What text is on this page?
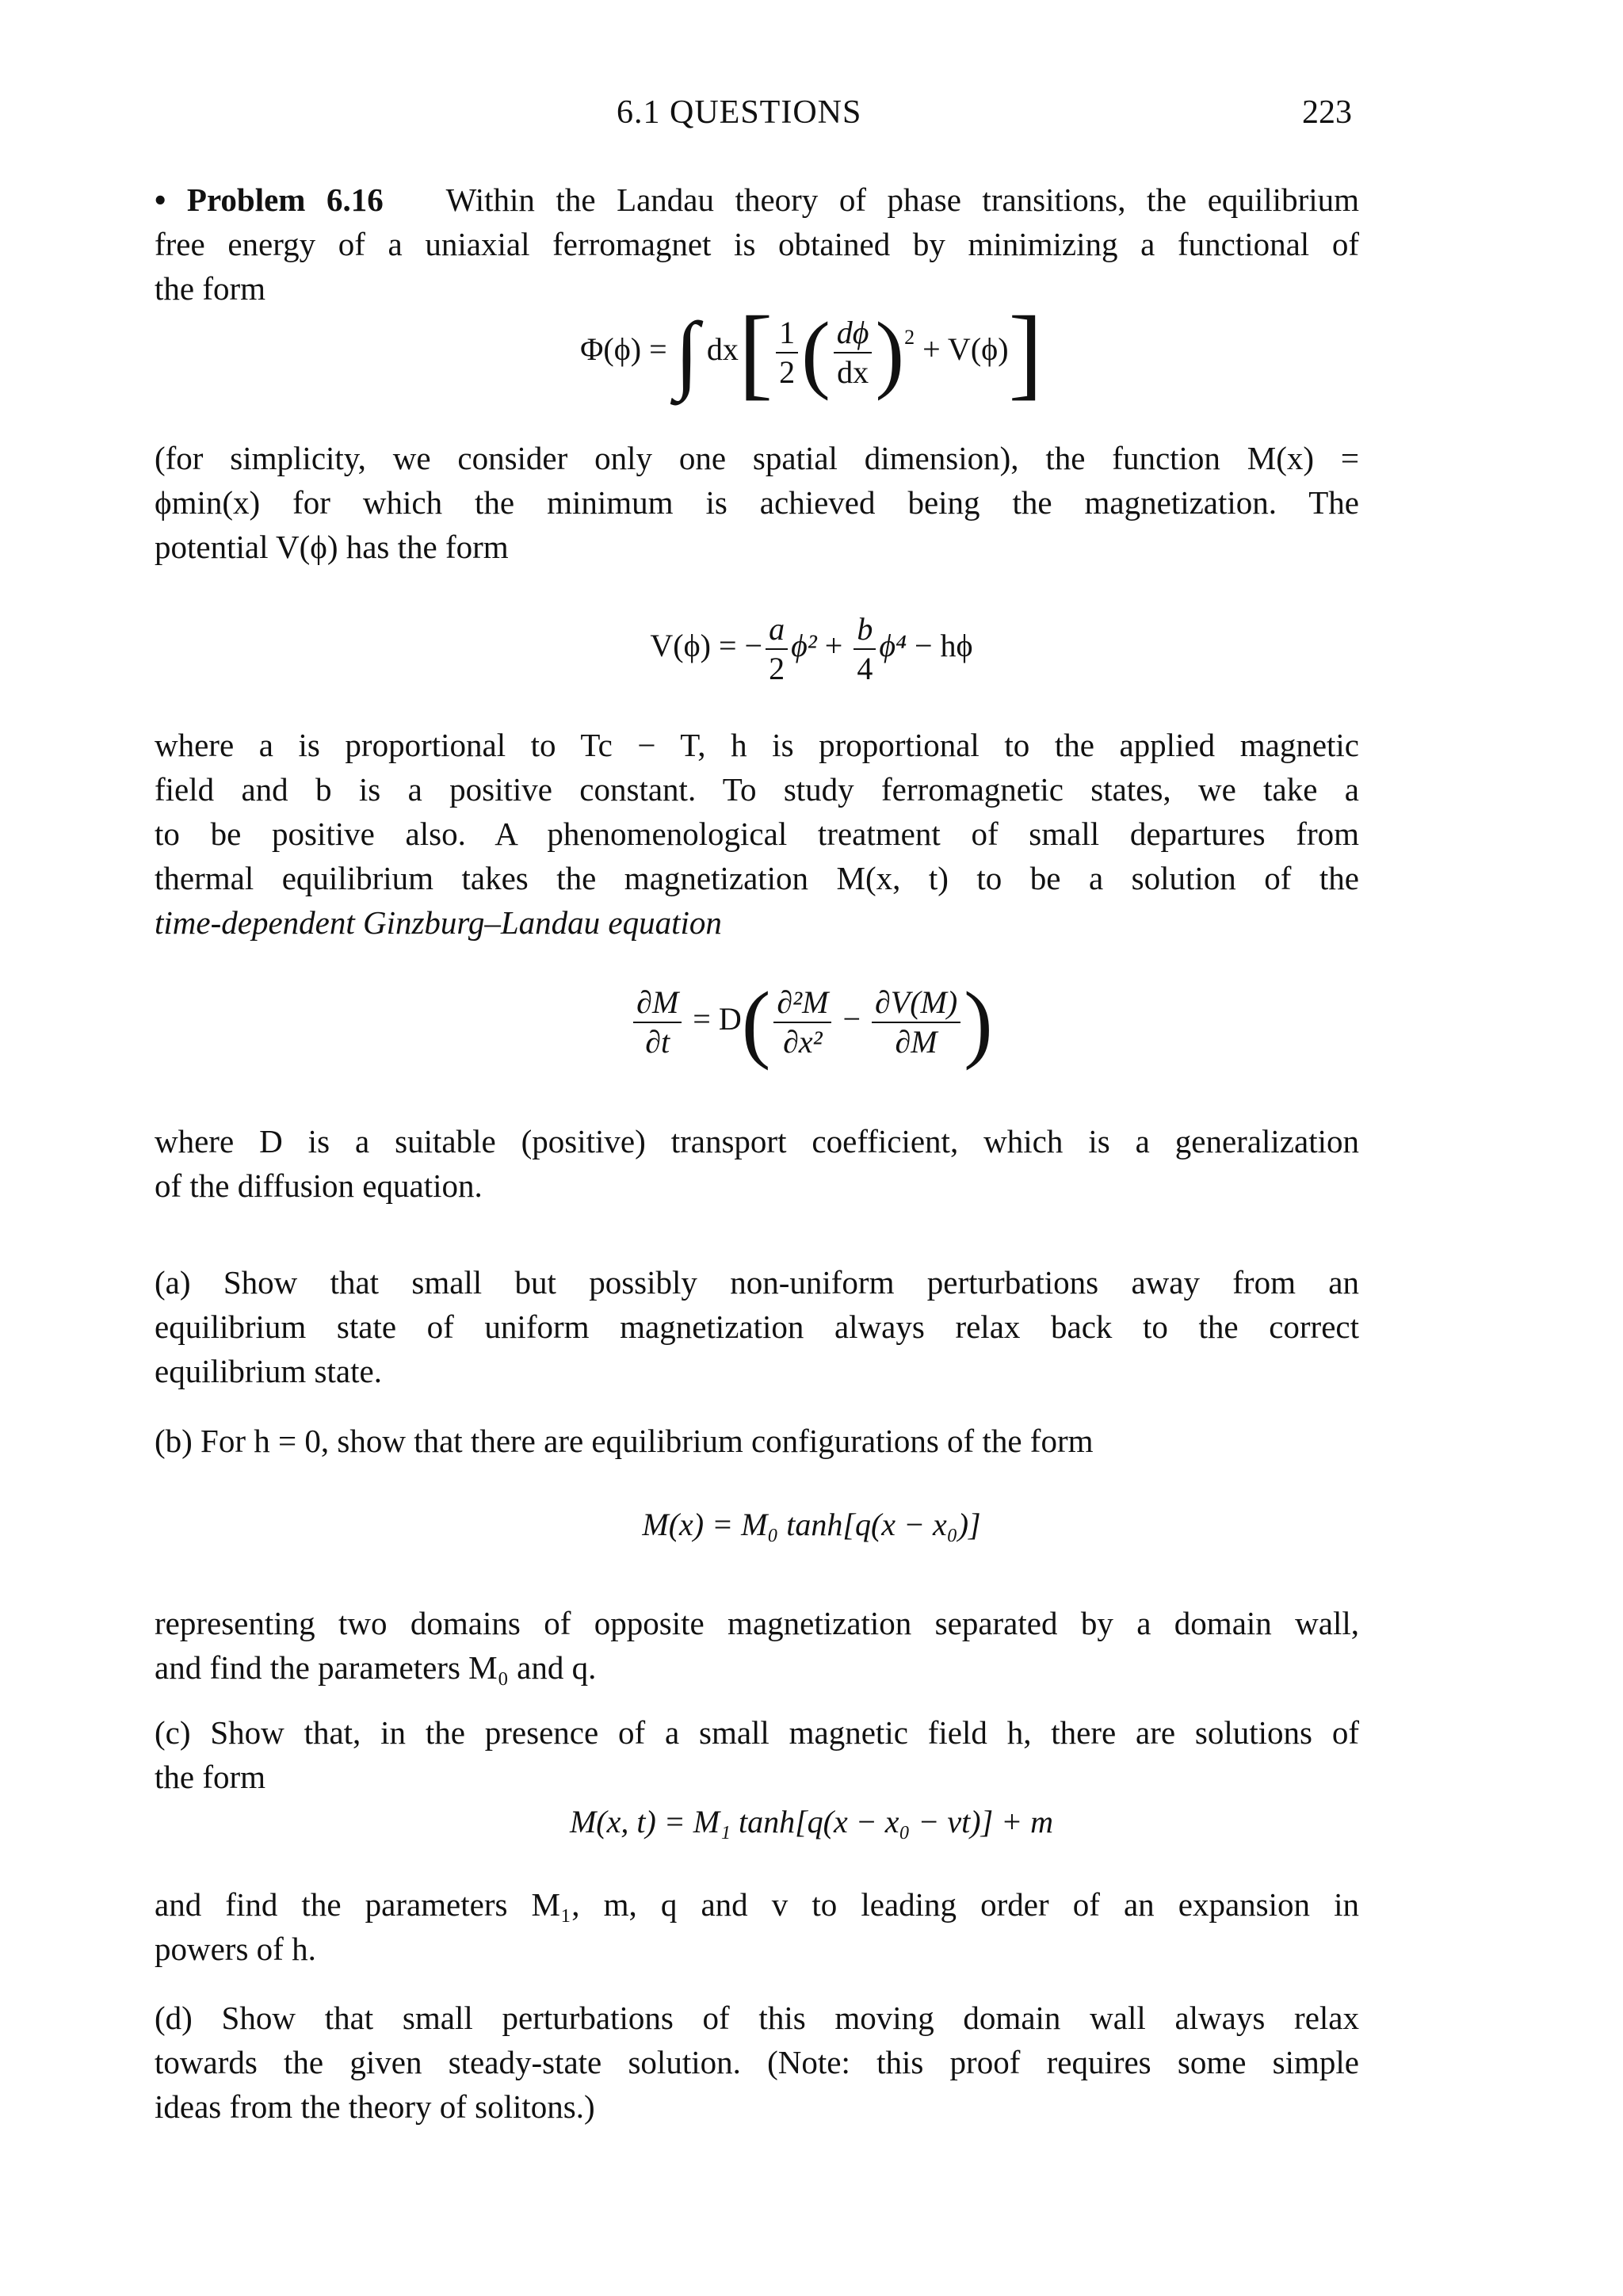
6.1 QUESTIONS	223

• Problem 6.16 Within the Landau theory of phase transitions, the equilibrium
free energy of a uniaxial ferromagnet is obtained by minimizing a functional of
the form

Φ(ϕ) = ∫ $dx[ \frac{1}{2}$ ( $\frac{d\phi}{dx} )^2 + V(\phi)$]

(for simplicity, we consider only one spatial dimension), the function M(x) =
ϕmin(x) for which the minimum is achieved being the magnetization. The
potential V(ϕ) has the form

V(ϕ) = − $\frac{a}{2} \phi^2 + \frac{b}{4} \phi^4 - h\phi$

where a is proportional to Tc − T, h is proportional to the applied magnetic
field and b is a positive constant. To study ferromagnetic states, we take a
to be positive also. A phenomenological treatment of small departures from
thermal equilibrium takes the magnetization M(x, t) to be a solution of the
time-dependent Ginzburg–Landau equation

$\frac{\partial M}{\partial t} = D( \frac{\text{∂²M}}{\text{∂x²}} - \frac{\partial V(M)}{\partial M}$ )

where D is a suitable (positive) transport coefficient, which is a generalization
of the diffusion equation.

(a) Show that small but possibly non-uniform perturbations away from an
equilibrium state of uniform magnetization always relax back to the correct
equilibrium state.

(b) For h = 0, show that there are equilibrium configurations of the form

M(x) = M₀ tanh[q(x − x₀)]

representing two domains of opposite magnetization separated by a domain wall,
and find the parameters M₀ and q.

(c) Show that, in the presence of a small magnetic field h, there are solutions of
the form

M(x, t) = M₁ tanh[q(x − x₀ − vt)] + m

and find the parameters M₁, m, q and v to leading order of an expansion in
powers of h.

(d) Show that small perturbations of this moving domain wall always relax
towards the given steady-state solution. (Note: this proof requires some simple
ideas from the theory of solitons.)
